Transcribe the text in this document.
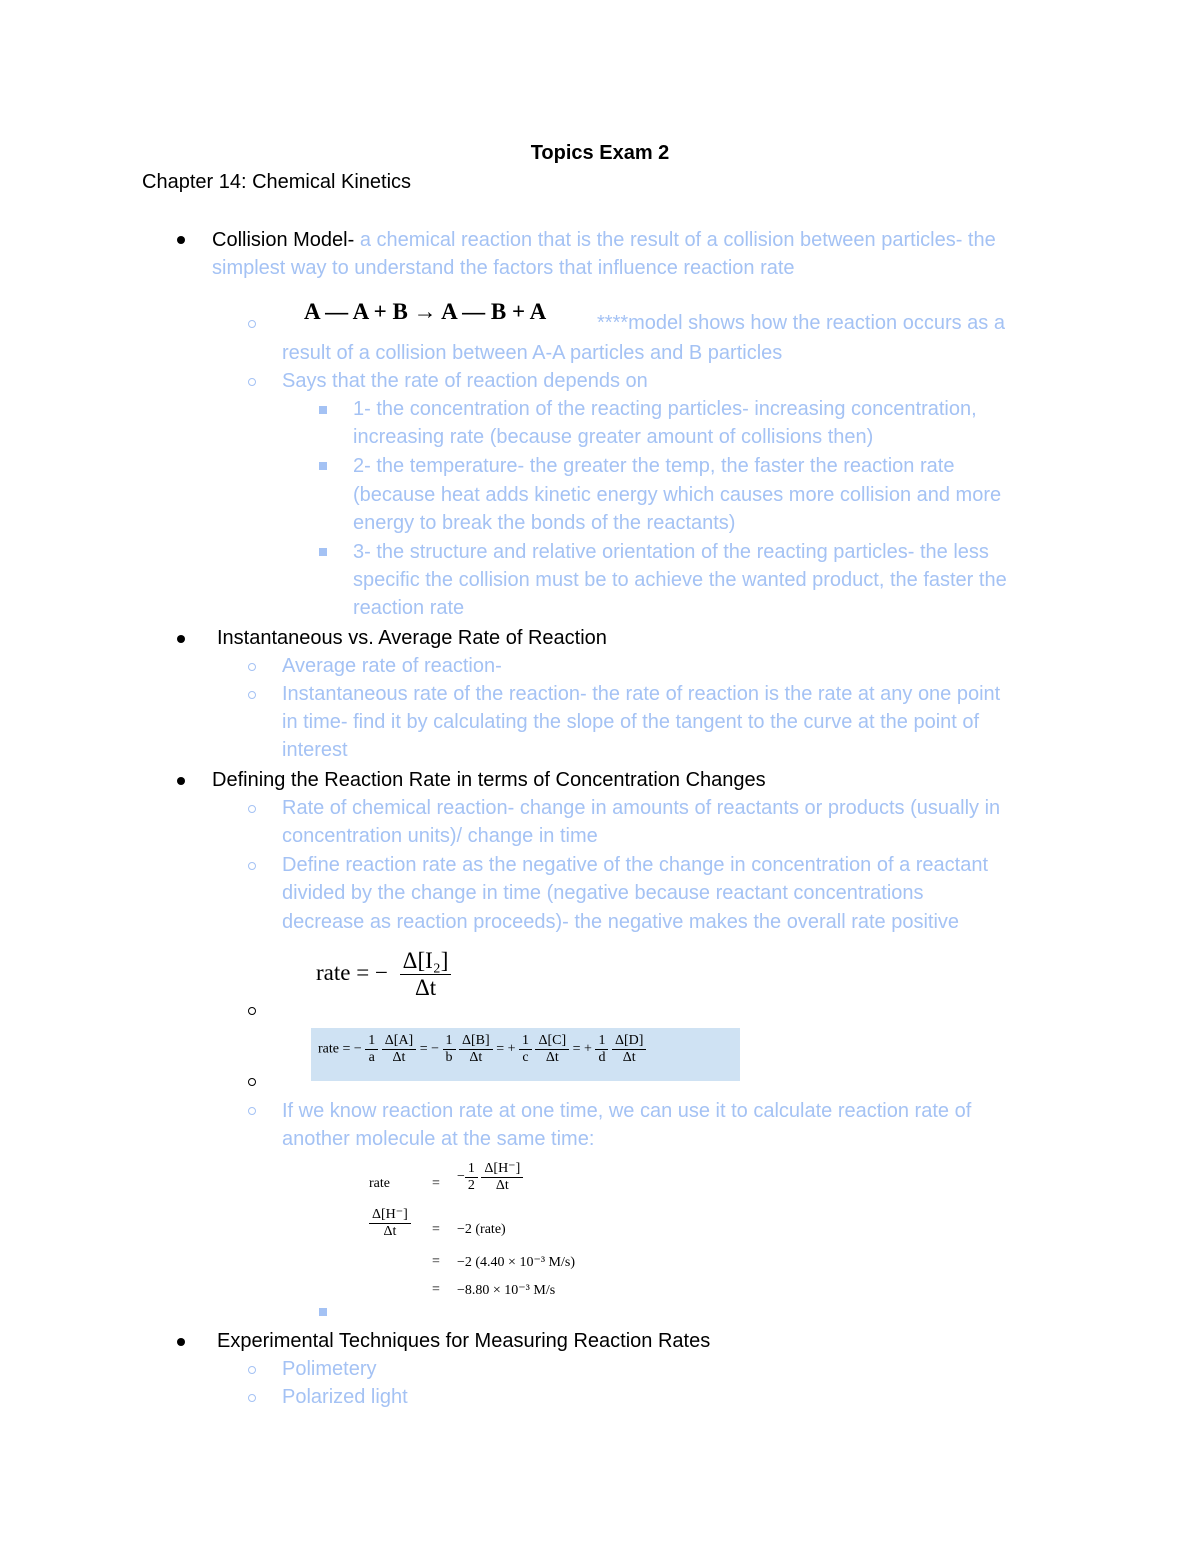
Topics Exam 2
Chapter 14: Chemical Kinetics
Collision Model- a chemical reaction that is the result of a collision between particles- the
simplest way to understand the factors that influence reaction rate
A — A + B → A — B + A	****model shows how the reaction occurs as a
result of a collision between A-A particles and B particles
Says that the rate of reaction depends on
1- the concentration of the reacting particles- increasing concentration,
increasing rate (because greater amount of collisions then)
2- the temperature- the greater the temp, the faster the reaction rate
(because heat adds kinetic energy which causes more collision and more
energy to break the bonds of the reactants)
3- the structure and relative orientation of the reacting particles- the less
specific the collision must be to achieve the wanted product, the faster the
reaction rate
Instantaneous vs. Average Rate of Reaction
Average rate of reaction-
Instantaneous rate of the reaction- the rate of reaction is the rate at any one point
in time- find it by calculating the slope of the tangent to the curve at the point of
interest
Defining the Reaction Rate in terms of Concentration Changes
Rate of chemical reaction- change in amounts of reactants or products (usually in
concentration units)/ change in time
Define reaction rate as the negative of the change in concentration of a reactant
divided by the change in time (negative because reactant concentrations
decrease as reaction proceeds)- the negative makes the overall rate positive
rate = − $\frac{\text{Δ[I₂]}}{\Delta t}$
rate = − $\frac{1}{a}$
$\frac{\Delta[A]}{\Delta t}$ = − $\frac{1}{b}$
$\frac{\Delta[B]}{\Delta t}$ = + $\frac{1}{c}$
$\frac{\Delta[C]}{\Delta t}$ = + $\frac{1}{d}$
$\frac{\Delta[D]}{\Delta t}$
If we know reaction rate at one time, we can use it to calculate reaction rate of
another molecule at the same time:
rate	= − $\frac{1}{2}$
$\frac{\Delta[H^-]}{\Delta t}$
$\frac{\Delta[H^-]}{\Delta t} = -2$ (rate)
= −2 (4.40 × 10⁻³ M/s)
= −8.80 × 10⁻³ M/s
Experimental Techniques for Measuring Reaction Rates
Polimetery
Polarized light
